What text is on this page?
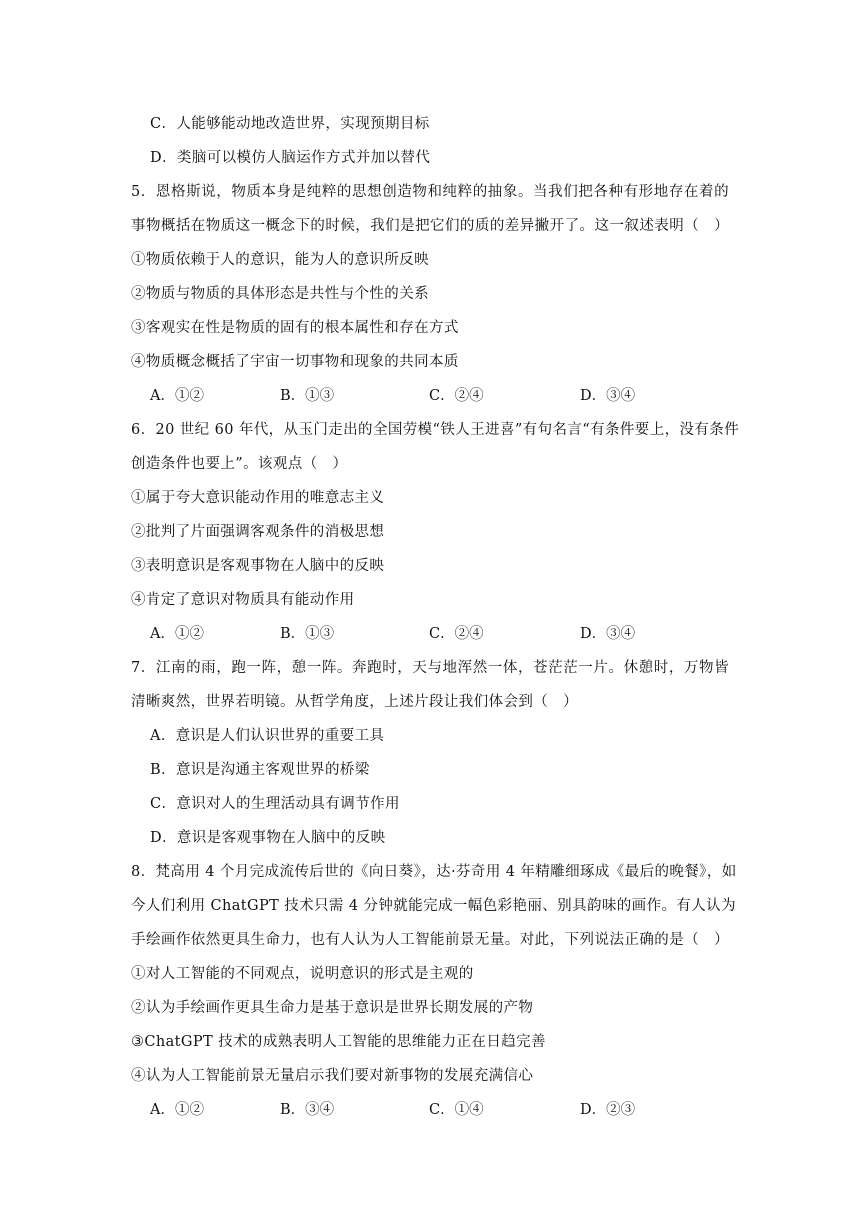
C．人能够能动地改造世界，实现预期目标
D．类脑可以模仿人脑运作方式并加以替代
5．恩格斯说，物质本身是纯粹的思想创造物和纯粹的抽象。当我们把各种有形地存在着的
事物概括在物质这一概念下的时候，我们是把它们的质的差异撇开了。这一叙述表明（　）
①物质依赖于人的意识，能为人的意识所反映
②物质与物质的具体形态是共性与个性的关系
③客观实在性是物质的固有的根本属性和存在方式
④物质概念概括了宇宙一切事物和现象的共同本质
A．①②	B．①③	C．②④	D．③④
6．20 世纪 60 年代，从玉门走出的全国劳模“铁人王进喜”有句名言“有条件要上，没有条件
创造条件也要上”。该观点（　）
①属于夸大意识能动作用的唯意志主义
②批判了片面强调客观条件的消极思想
③表明意识是客观事物在人脑中的反映
④肯定了意识对物质具有能动作用
A．①②	B．①③	C．②④	D．③④
7．江南的雨，跑一阵，憩一阵。奔跑时，天与地浑然一体，苍茫茫一片。休憩时，万物皆
清晰爽然，世界若明镜。从哲学角度，上述片段让我们体会到（　）
A．意识是人们认识世界的重要工具
B．意识是沟通主客观世界的桥梁
C．意识对人的生理活动具有调节作用
D．意识是客观事物在人脑中的反映
8．梵高用 4 个月完成流传后世的《向日葵》，达·芬奇用 4 年精雕细琢成《最后的晚餐》，如
今人们利用 ChatGPT 技术只需 4 分钟就能完成一幅色彩艳丽、别具韵味的画作。有人认为
手绘画作依然更具生命力，也有人认为人工智能前景无量。对此，下列说法正确的是（　）
①对人工智能的不同观点，说明意识的形式是主观的
②认为手绘画作更具生命力是基于意识是世界长期发展的产物
③ChatGPT 技术的成熟表明人工智能的思维能力正在日趋完善
④认为人工智能前景无量启示我们要对新事物的发展充满信心
A．①②	B．③④	C．①④	D．②③
